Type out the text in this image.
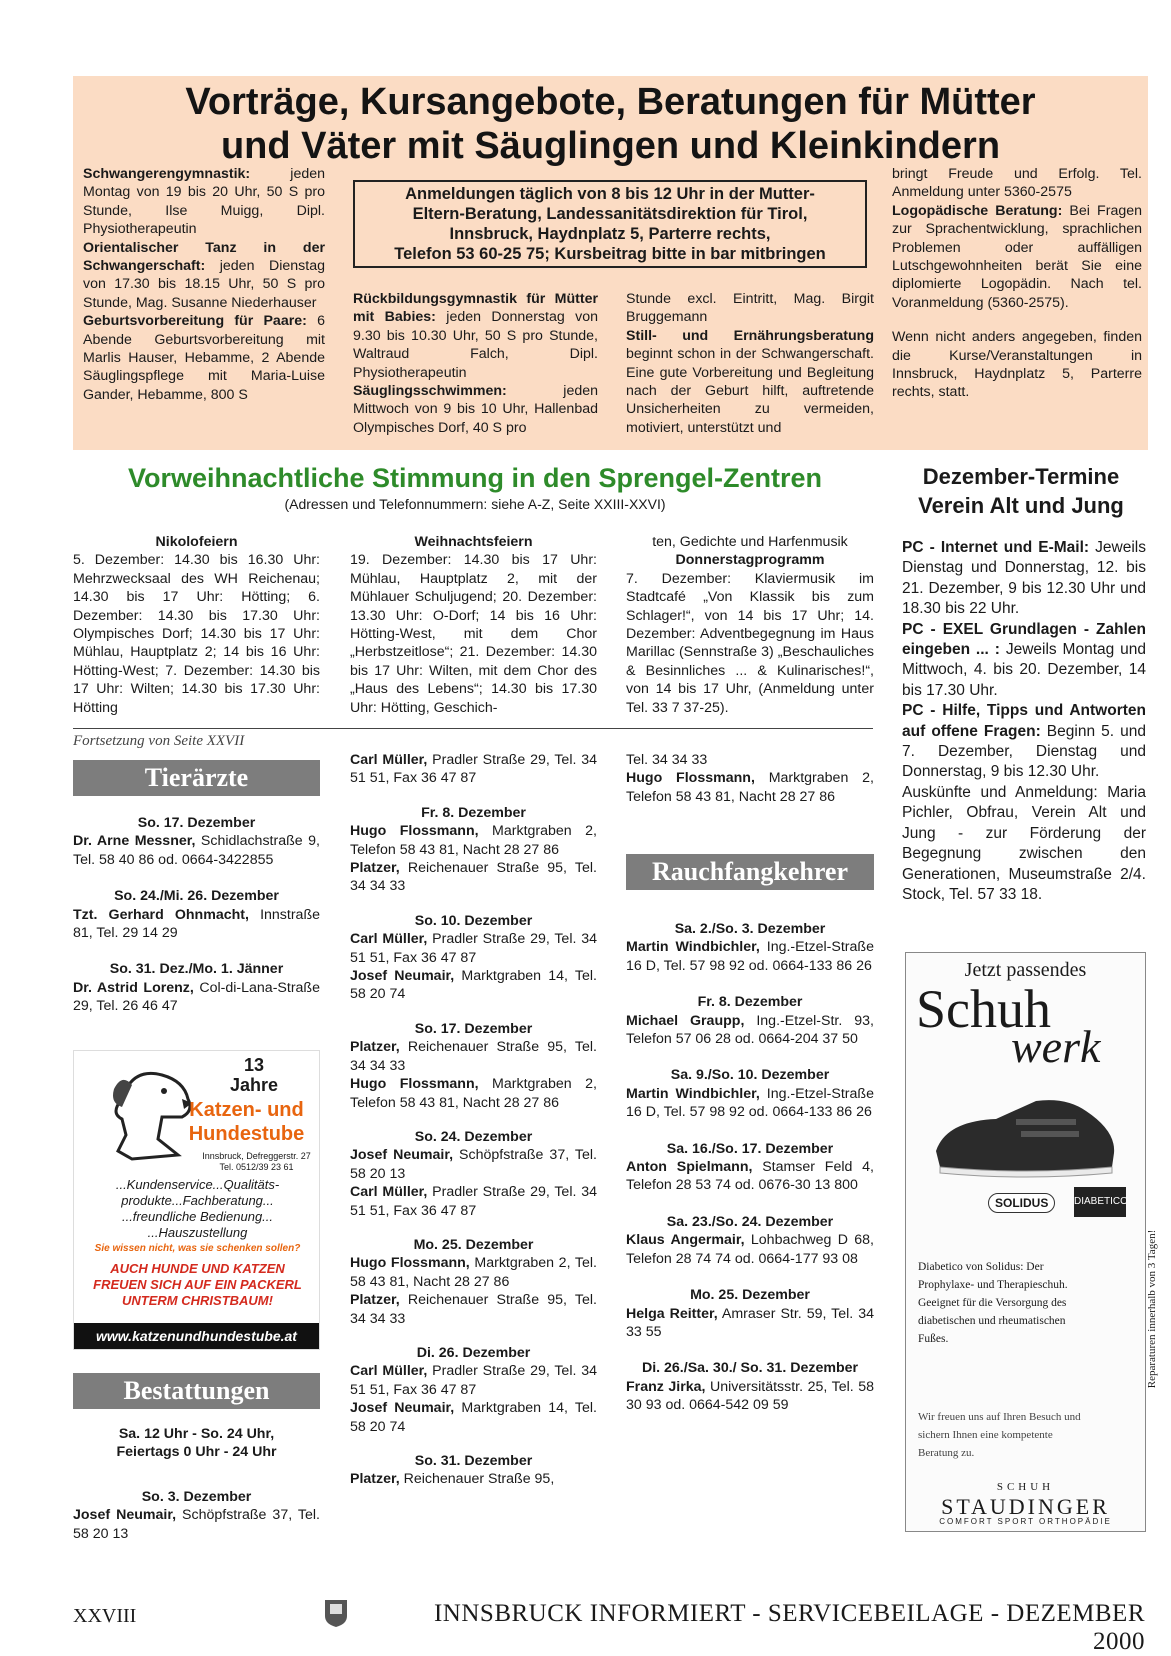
Vorträge, Kursangebote, Beratungen für Mütter
und Väter mit Säuglingen und Kleinkindern

Schwangerengymnastik: jeden Montag von 19 bis 20 Uhr, 50 S pro Stunde, Ilse Muigg, Dipl. Physiotherapeutin

Orientalischer Tanz in der Schwangerschaft: jeden Dienstag von 17.30 bis 18.15 Uhr, 50 S pro Stunde, Mag. Susanne Niederhauser

Geburtsvorbereitung für Paare: 6 Abende Geburtsvorbereitung mit Marlis Hauser, Hebamme, 2 Abende Säuglingspflege mit Maria-Luise Gander, Hebamme, 800 S

Anmeldungen täglich von 8 bis 12 Uhr in der Mutter-
Eltern-Beratung, Landessanitätsdirektion für Tirol,
Innsbruck, Haydnplatz 5, Parterre rechts,
Telefon 53 60-25 75; Kursbeitrag bitte in bar mitbringen

Rückbildungsgymnastik für Mütter mit Babies: jeden Donnerstag von 9.30 bis 10.30 Uhr, 50 S pro Stunde, Waltraud Falch, Dipl. Physiotherapeutin

Säuglingsschwimmen: jeden Mittwoch von 9 bis 10 Uhr, Hallenbad Olympisches Dorf, 40 S pro

Stunde excl. Eintritt, Mag. Birgit Bruggemann

Still- und Ernährungsberatung beginnt schon in der Schwangerschaft. Eine gute Vorbereitung und Begleitung nach der Geburt hilft, auftretende Unsicherheiten zu vermeiden, motiviert, unterstützt und

bringt Freude und Erfolg. Tel. Anmeldung unter 5360-2575

Logopädische Beratung: Bei Fragen zur Sprachentwicklung, sprachlichen Problemen oder auffälligen Lutschgewohnheiten berät Sie eine diplomierte Logopädin. Nach tel. Voranmeldung (5360-2575).

Wenn nicht anders angegeben, finden die Kurse/Veranstaltungen in Innsbruck, Haydnplatz 5, Parterre rechts, statt.

Vorweihnachtliche Stimmung in den Sprengel-Zentren
(Adressen und Telefonnummern: siehe A-Z, Seite XXIII-XXVI)

Nikolofeiern

5. Dezember: 14.30 bis 16.30 Uhr: Mehrzwecksaal des WH Reichenau; 14.30 bis 17 Uhr: Hötting; 6. Dezember: 14.30 bis 17.30 Uhr: Olympisches Dorf; 14.30 bis 17 Uhr: Mühlau, Hauptplatz 2; 14 bis 16 Uhr: Hötting-West; 7. Dezember: 14.30 bis 17 Uhr: Wilten; 14.30 bis 17.30 Uhr: Hötting

Weihnachtsfeiern

19. Dezember: 14.30 bis 17 Uhr: Mühlau, Hauptplatz 2, mit der Mühlauer Schuljugend; 20. Dezember: 13.30 Uhr: O-Dorf; 14 bis 16 Uhr: Hötting-West, mit dem Chor „Herbstzeitlose“; 21. Dezember: 14.30 bis 17 Uhr: Wilten, mit dem Chor des „Haus des Lebens“; 14.30 bis 17.30 Uhr: Hötting, Geschich-

ten, Gedichte und Harfenmusik

Donnerstagprogramm

7. Dezember: Klaviermusik im Stadtcafé „Von Klassik bis zum Schlager!“, von 14 bis 17 Uhr; 14. Dezember: Adventbegegnung im Haus Marillac (Sennstraße 3) „Beschauliches & Besinnliches ... & Kulinarisches!“, von 14 bis 17 Uhr, (Anmeldung unter Tel. 33 7 37-25).

Dezember-Termine
Verein Alt und Jung

PC - Internet und E-Mail: Jeweils Dienstag und Donnerstag, 12. bis 21. Dezember, 9 bis 12.30 Uhr und 18.30 bis 22 Uhr.

PC - EXEL Grundlagen - Zahlen eingeben ... : Jeweils Montag und Mittwoch, 4. bis 20. Dezember, 14 bis 17.30 Uhr.

PC - Hilfe, Tipps und Antworten auf offene Fragen: Beginn 5. und 7. Dezember, Dienstag und Donnerstag, 9 bis 12.30 Uhr.

Auskünfte und Anmeldung: Maria Pichler, Obfrau, Verein Alt und Jung - zur Förderung der Begegnung zwischen den Generationen, Museumstraße 2/4. Stock, Tel. 57 33 18.

Fortsetzung von Seite XXVII
Tierärzte

So. 17. Dezember

Dr. Arne Messner, Schidlachstraße 9, Tel. 58 40 86 od. 0664-3422855

So. 24./Mi. 26. Dezember

Tzt. Gerhard Ohnmacht, Innstraße 81, Tel. 29 14 29

So. 31. Dez./Mo. 1. Jänner

Dr. Astrid Lorenz, Col-di-Lana-Straße 29, Tel. 26 46 47

13
Jahre
Katzen- und
Hundestube
Innsbruck, Defreggerstr. 27
Tel. 0512/39 23 61
...Kundenservice...Qualitäts-
produkte...Fachberatung...
...freundliche Bedienung...
...Hauszustellung
Sie wissen nicht, was sie schenken sollen?
AUCH HUNDE UND KATZEN
FREUEN SICH AUF EIN PACKERL
UNTERM CHRISTBAUM!
www.katzenundhundestube.at
Bestattungen
Sa. 12 Uhr - So. 24 Uhr,
Feiertags 0 Uhr - 24 Uhr

So. 3. Dezember

Josef Neumair, Schöpfstraße 37, Tel. 58 20 13

Carl Müller, Pradler Straße 29, Tel. 34 51 51, Fax 36 47 87

Fr. 8. Dezember

Hugo Flossmann, Marktgraben 2, Telefon 58 43 81, Nacht 28 27 86

Platzer, Reichenauer Straße 95, Tel. 34 34 33

So. 10. Dezember

Carl Müller, Pradler Straße 29, Tel. 34 51 51, Fax 36 47 87

Josef Neumair, Marktgraben 14, Tel. 58 20 74

So. 17. Dezember

Platzer, Reichenauer Straße 95, Tel. 34 34 33

Hugo Flossmann, Marktgraben 2, Telefon 58 43 81, Nacht 28 27 86

So. 24. Dezember

Josef Neumair, Schöpfstraße 37, Tel. 58 20 13

Carl Müller, Pradler Straße 29, Tel. 34 51 51, Fax 36 47 87

Mo. 25. Dezember

Hugo Flossmann, Marktgraben 2, Tel. 58 43 81, Nacht 28 27 86

Platzer, Reichenauer Straße 95, Tel. 34 34 33

Di. 26. Dezember

Carl Müller, Pradler Straße 29, Tel. 34 51 51, Fax 36 47 87

Josef Neumair, Marktgraben 14, Tel. 58 20 74

So. 31. Dezember

Platzer, Reichenauer Straße 95,

Tel. 34 34 33

Hugo Flossmann, Marktgraben 2, Telefon 58 43 81, Nacht 28 27 86

Rauchfangkehrer

Sa. 2./So. 3. Dezember

Martin Windbichler, Ing.-Etzel-Straße 16 D, Tel. 57 98 92 od. 0664-133 86 26

Fr. 8. Dezember

Michael Graupp, Ing.-Etzel-Str. 93, Telefon 57 06 28 od. 0664-204 37 50

Sa. 9./So. 10. Dezember

Martin Windbichler, Ing.-Etzel-Straße 16 D, Tel. 57 98 92 od. 0664-133 86 26

Sa. 16./So. 17. Dezember

Anton Spielmann, Stamser Feld 4, Telefon 28 53 74 od. 0676-30 13 800

Sa. 23./So. 24. Dezember

Klaus Angermair, Lohbachweg D 68, Telefon 28 74 74 od. 0664-177 93 08

Mo. 25. Dezember

Helga Reitter, Amraser Str. 59, Tel. 34 33 55

Di. 26./Sa. 30./ So. 31. Dezember

Franz Jirka, Universitätsstr. 25, Tel. 58 30 93 od. 0664-542 09 59

Jetzt passendes
Schuh
werk
SOLIDUS	DIABETICO
Diabetico von Solidus: Der Prophylaxe- und Therapieschuh. Geeignet für die Versorgung des diabetischen und rheumatischen Fußes.	Reparaturen innerhalb von 3 Tagen!
Wir freuen uns auf Ihren Besuch und sichern Ihnen eine kompetente Beratung zu.
SCHUH
STAUDINGER
COMFORT SPORT ORTHOPÄDIE
XXVIII	INNSBRUCK INFORMIERT - SERVICEBEILAGE - DEZEMBER 2000
